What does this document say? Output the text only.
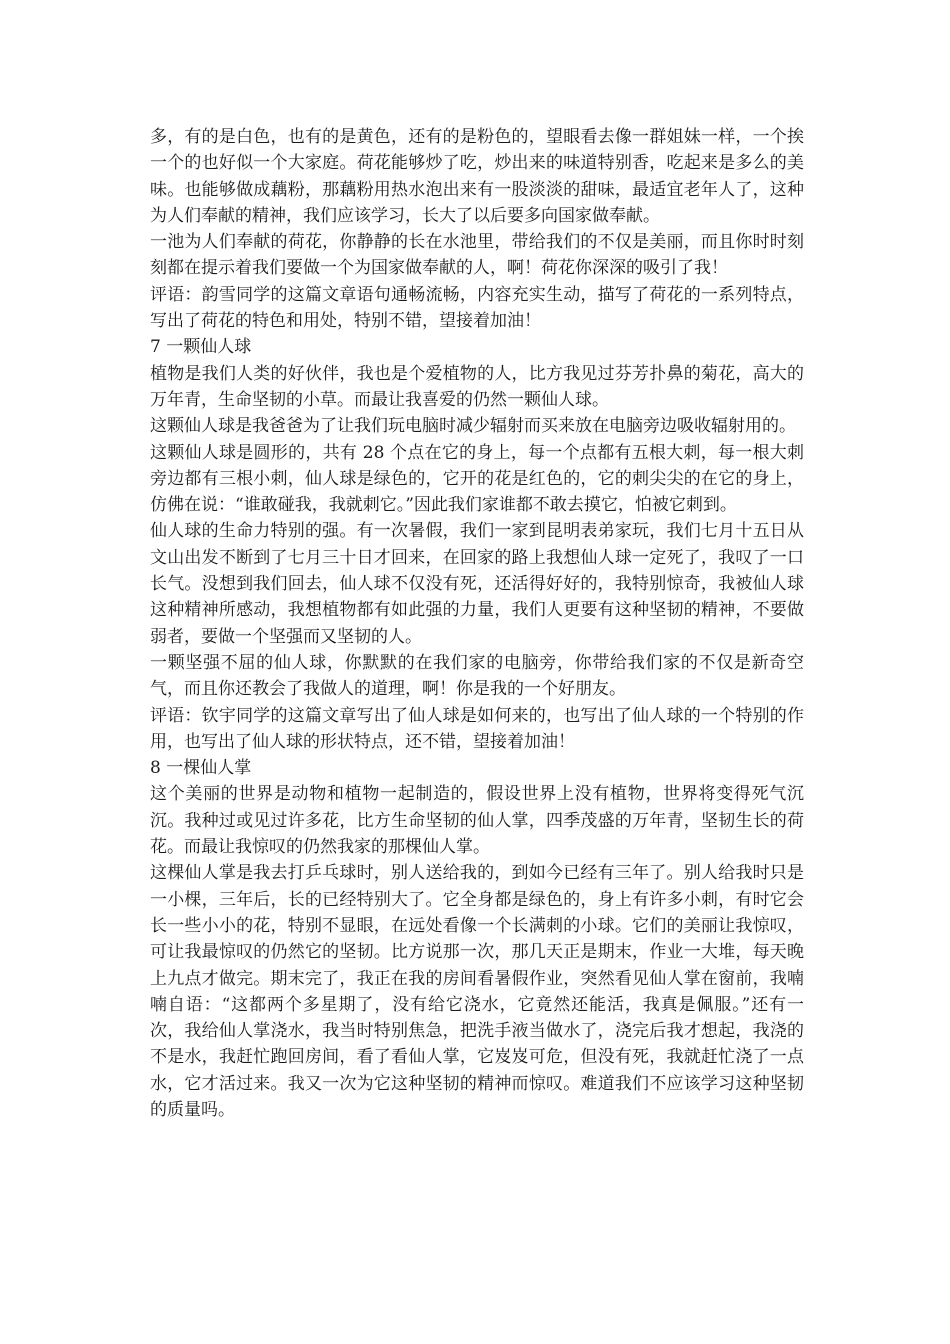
多，有的是白色，也有的是黄色，还有的是粉色的，望眼看去像一群姐妹一样，一个挨一个的也好似一个大家庭。荷花能够炒了吃，炒出来的味道特别香，吃起来是多么的美味。也能够做成藕粉，那藕粉用热水泡出来有一股淡淡的甜味，最适宜老年人了，这种为人们奉献的精神，我们应该学习，长大了以后要多向国家做奉献。

一池为人们奉献的荷花，你静静的长在水池里，带给我们的不仅是美丽，而且你时时刻刻都在提示着我们要做一个为国家做奉献的人，啊！荷花你深深的吸引了我！

评语：韵雪同学的这篇文章语句通畅流畅，内容充实生动，描写了荷花的一系列特点，写出了荷花的特色和用处，特别不错，望接着加油！

7 一颗仙人球

植物是我们人类的好伙伴，我也是个爱植物的人，比方我见过芬芳扑鼻的菊花，高大的万年青，生命坚韧的小草。而最让我喜爱的仍然一颗仙人球。

这颗仙人球是我爸爸为了让我们玩电脑时减少辐射而买来放在电脑旁边吸收辐射用的。

这颗仙人球是圆形的，共有 28 个点在它的身上，每一个点都有五根大刺，每一根大刺旁边都有三根小刺，仙人球是绿色的，它开的花是红色的，它的刺尖尖的在它的身上，仿佛在说：“谁敢碰我，我就刺它。”因此我们家谁都不敢去摸它，怕被它刺到。

仙人球的生命力特别的强。有一次暑假，我们一家到昆明表弟家玩，我们七月十五日从文山出发不断到了七月三十日才回来，在回家的路上我想仙人球一定死了，我叹了一口长气。没想到我们回去，仙人球不仅没有死，还活得好好的，我特别惊奇，我被仙人球这种精神所感动，我想植物都有如此强的力量，我们人更要有这种坚韧的精神，不要做弱者，要做一个坚强而又坚韧的人。

一颗坚强不屈的仙人球，你默默的在我们家的电脑旁，你带给我们家的不仅是新奇空气，而且你还教会了我做人的道理，啊！你是我的一个好朋友。

评语：钦宇同学的这篇文章写出了仙人球是如何来的，也写出了仙人球的一个特别的作用，也写出了仙人球的形状特点，还不错，望接着加油！

8 一棵仙人掌

这个美丽的世界是动物和植物一起制造的，假设世界上没有植物，世界将变得死气沉沉。我种过或见过许多花，比方生命坚韧的仙人掌，四季茂盛的万年青，坚韧生长的荷花。而最让我惊叹的仍然我家的那棵仙人掌。

这棵仙人掌是我去打乒乓球时，别人送给我的，到如今已经有三年了。别人给我时只是一小棵，三年后，长的已经特别大了。它全身都是绿色的，身上有许多小刺，有时它会长一些小小的花，特别不显眼，在远处看像一个长满刺的小球。它们的美丽让我惊叹，可让我最惊叹的仍然它的坚韧。比方说那一次，那几天正是期末，作业一大堆，每天晚上九点才做完。期末完了，我正在我的房间看暑假作业，突然看见仙人掌在窗前，我喃喃自语：“这都两个多星期了，没有给它浇水，它竟然还能活，我真是佩服。”还有一次，我给仙人掌浇水，我当时特别焦急，把洗手液当做水了，浇完后我才想起，我浇的不是水，我赶忙跑回房间，看了看仙人掌，它岌岌可危，但没有死，我就赶忙浇了一点水，它才活过来。我又一次为它这种坚韧的精神而惊叹。难道我们不应该学习这种坚韧的质量吗。
